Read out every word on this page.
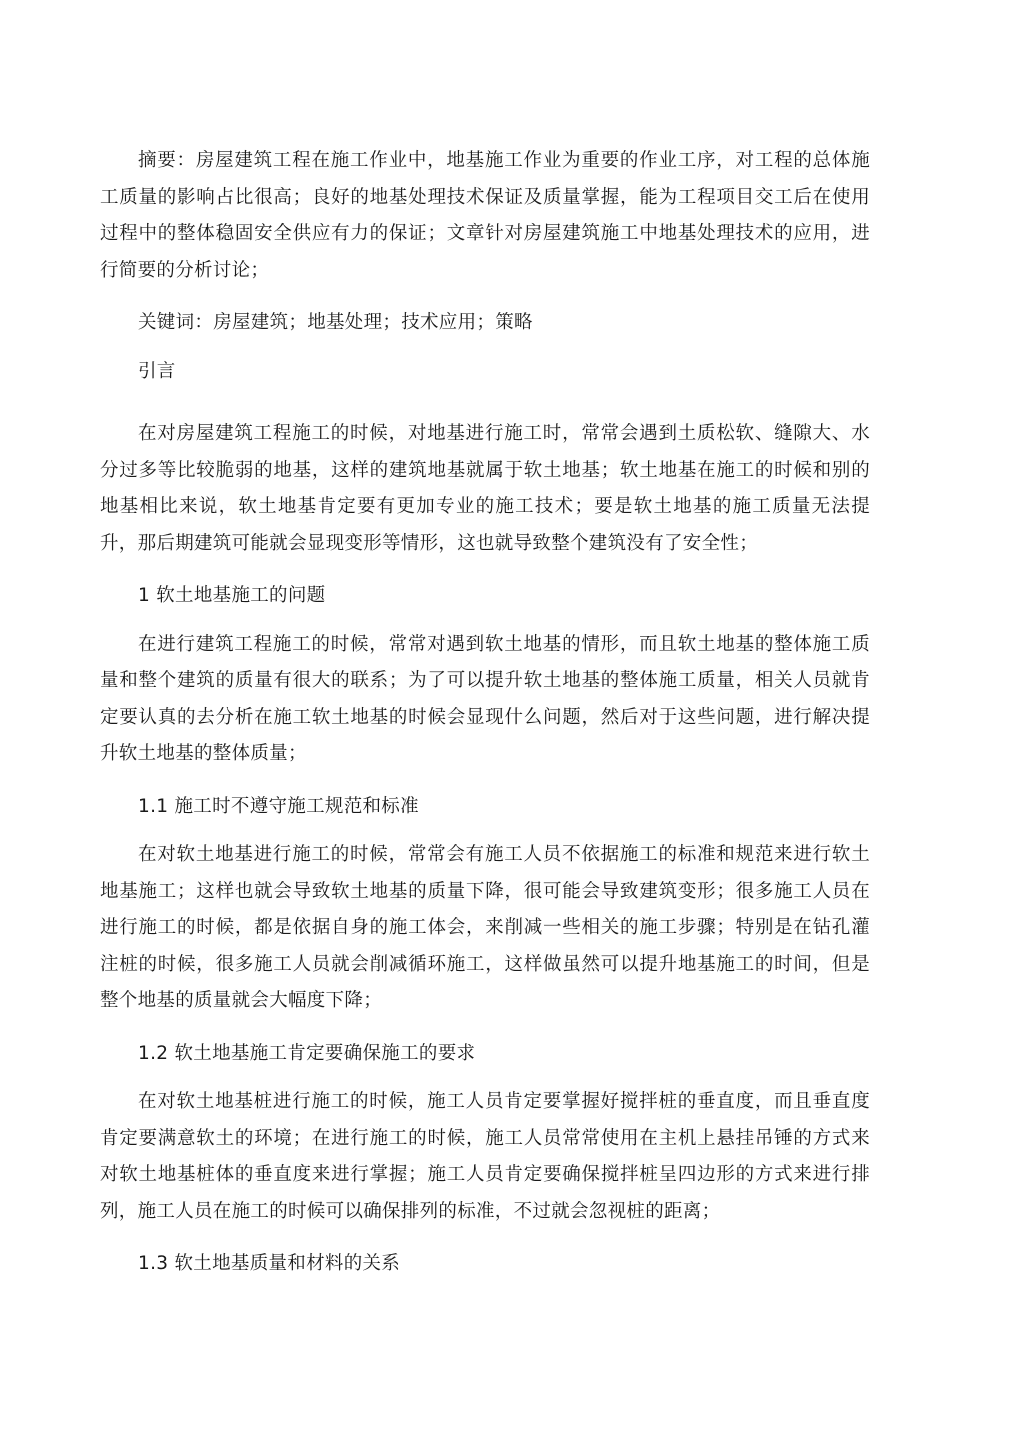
摘要：房屋建筑工程在施工作业中，地基施工作业为重要的作业工序，对工程的总体施工质量的影响占比很高；良好的地基处理技术保证及质量掌握，能为工程项目交工后在使用过程中的整体稳固安全供应有力的保证；文章针对房屋建筑施工中地基处理技术的应用，进行简要的分析讨论；

关键词：房屋建筑；地基处理；技术应用；策略

引言

在对房屋建筑工程施工的时候，对地基进行施工时，常常会遇到土质松软、缝隙大、水分过多等比较脆弱的地基，这样的建筑地基就属于软土地基；软土地基在施工的时候和别的地基相比来说，软土地基肯定要有更加专业的施工技术；要是软土地基的施工质量无法提升，那后期建筑可能就会显现变形等情形，这也就导致整个建筑没有了安全性；

1 软土地基施工的问题

在进行建筑工程施工的时候，常常对遇到软土地基的情形，而且软土地基的整体施工质量和整个建筑的质量有很大的联系；为了可以提升软土地基的整体施工质量，相关人员就肯定要认真的去分析在施工软土地基的时候会显现什么问题，然后对于这些问题，进行解决提升软土地基的整体质量；

1.1 施工时不遵守施工规范和标准

在对软土地基进行施工的时候，常常会有施工人员不依据施工的标准和规范来进行软土地基施工；这样也就会导致软土地基的质量下降，很可能会导致建筑变形；很多施工人员在进行施工的时候，都是依据自身的施工体会，来削减一些相关的施工步骤；特别是在钻孔灌注桩的时候，很多施工人员就会削减循环施工，这样做虽然可以提升地基施工的时间，但是整个地基的质量就会大幅度下降；

1.2 软土地基施工肯定要确保施工的要求

在对软土地基桩进行施工的时候，施工人员肯定要掌握好搅拌桩的垂直度，而且垂直度肯定要满意软土的环境；在进行施工的时候，施工人员常常使用在主机上悬挂吊锤的方式来对软土地基桩体的垂直度来进行掌握；施工人员肯定要确保搅拌桩呈四边形的方式来进行排列，施工人员在施工的时候可以确保排列的标准，不过就会忽视桩的距离；

1.3 软土地基质量和材料的关系
